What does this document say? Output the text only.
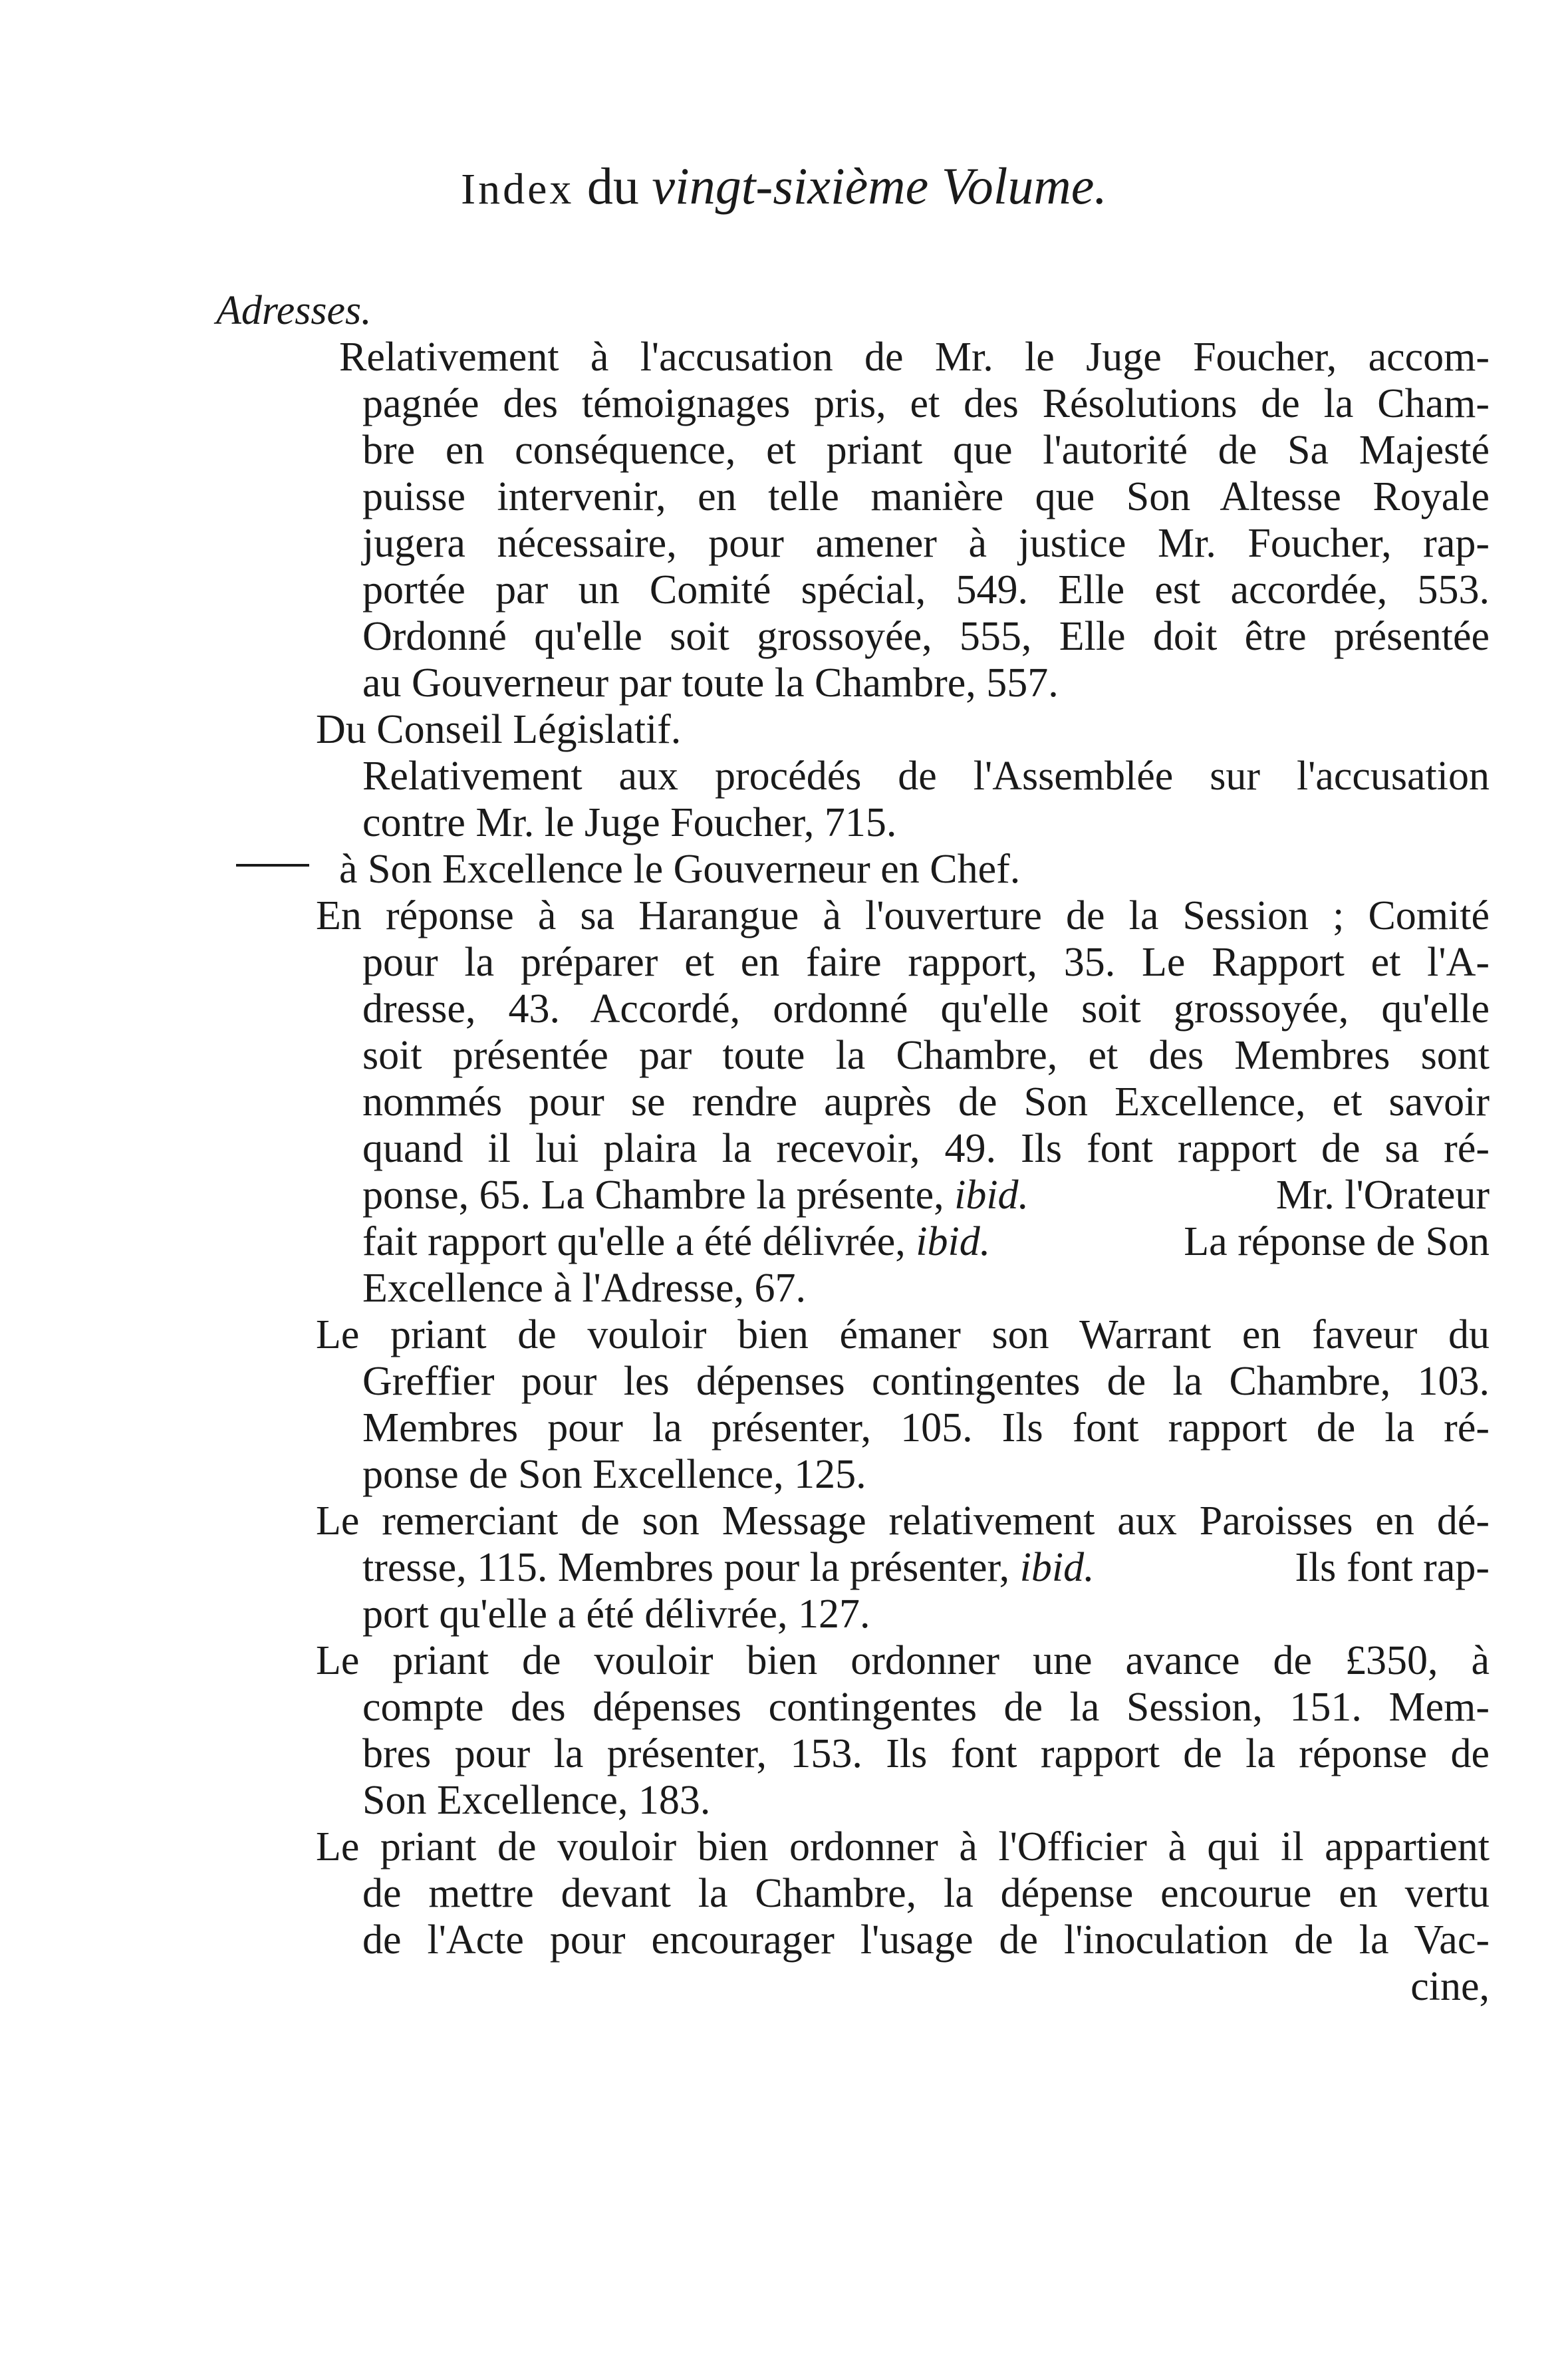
Index du vingt-sixième Volume.
Adresses.
Relativement à l'accusation de Mr. le Juge Foucher, accom-
pagnée des témoignages pris, et des Résolutions de la Cham-
bre en conséquence, et priant que l'autorité de Sa Majesté
puisse intervenir, en telle manière que Son Altesse Royale
jugera nécessaire, pour amener à justice Mr. Foucher, rap-
portée par un Comité spécial, 549. Elle est accordée, 553.
Ordonné qu'elle soit grossoyée, 555, Elle doit être présentée
au Gouverneur par toute la Chambre, 557.
Du Conseil Législatif.
Relativement aux procédés de l'Assemblée sur l'accusation
contre Mr. le Juge Foucher, 715.
à Son Excellence le Gouverneur en Chef.
En réponse à sa Harangue à l'ouverture de la Session ; Comité
pour la préparer et en faire rapport, 35. Le Rapport et l'A-
dresse, 43. Accordé, ordonné qu'elle soit grossoyée, qu'elle
soit présentée par toute la Chambre, et des Membres sont
nommés pour se rendre auprès de Son Excellence, et savoir
quand il lui plaira la recevoir, 49. Ils font rapport de sa ré-
ponse, 65. La Chambre la présente, ibid.	Mr. l'Orateur
fait rapport qu'elle a été délivrée, ibid.	La réponse de Son
Excellence à l'Adresse, 67.
Le priant de vouloir bien émaner son Warrant en faveur du
Greffier pour les dépenses contingentes de la Chambre, 103.
Membres pour la présenter, 105. Ils font rapport de la ré-
ponse de Son Excellence, 125.
Le remerciant de son Message relativement aux Paroisses en dé-
tresse, 115. Membres pour la présenter, ibid.	Ils font rap-
port qu'elle a été délivrée, 127.
Le priant de vouloir bien ordonner une avance de £350, à
compte des dépenses contingentes de la Session, 151. Mem-
bres pour la présenter, 153. Ils font rapport de la réponse de
Son Excellence, 183.
Le priant de vouloir bien ordonner à l'Officier à qui il appartient
de mettre devant la Chambre, la dépense encourue en vertu
de l'Acte pour encourager l'usage de l'inoculation de la Vac-
cine,
